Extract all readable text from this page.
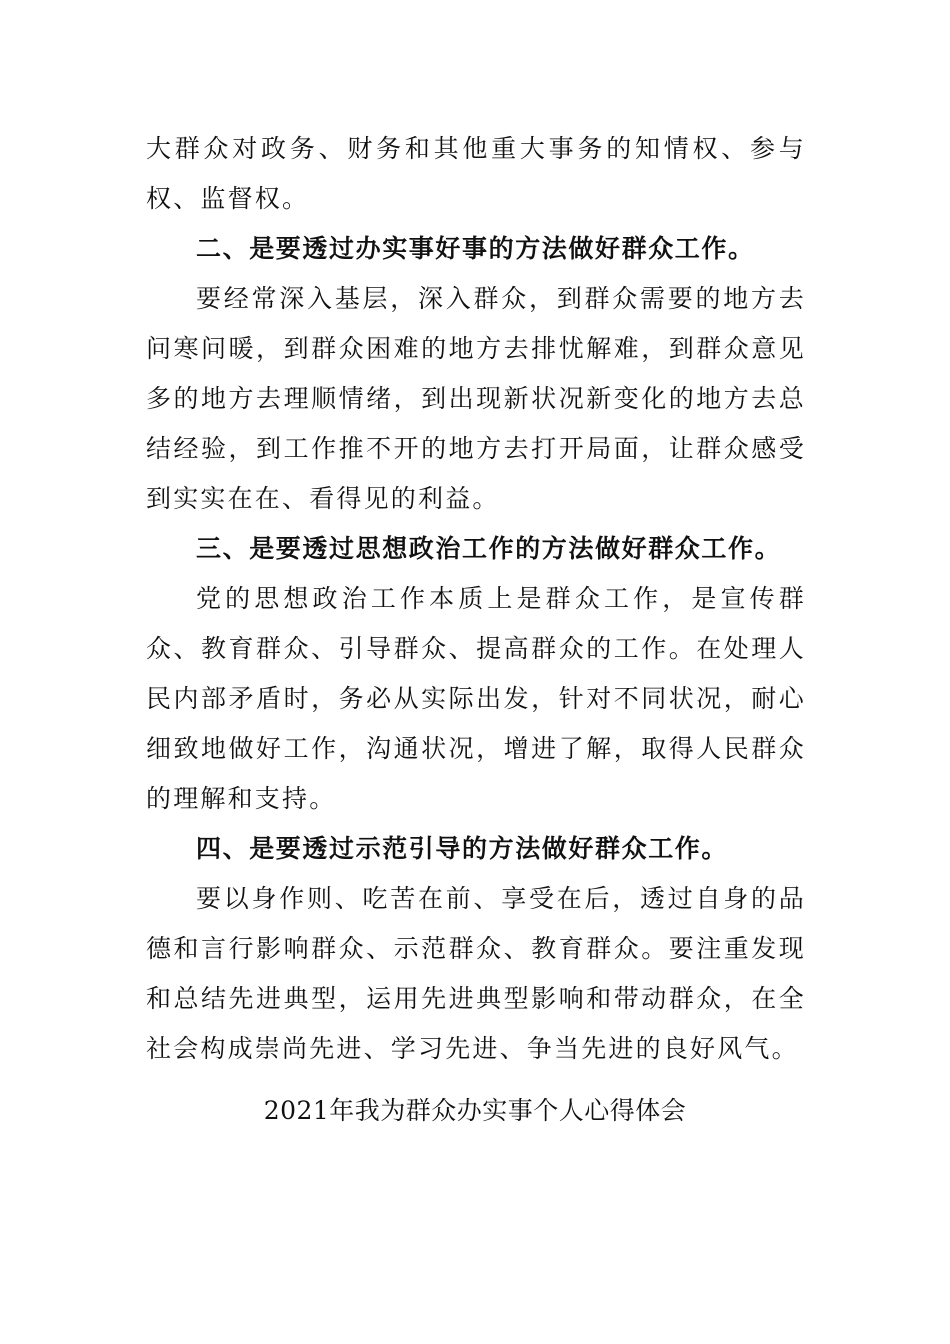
大群众对政务、财务和其他重大事务的知情权、参与权、监督权。

二、是要透过办实事好事的方法做好群众工作。

要经常深入基层，深入群众，到群众需要的地方去问寒问暖，到群众困难的地方去排忧解难，到群众意见多的地方去理顺情绪，到出现新状况新变化的地方去总结经验，到工作推不开的地方去打开局面，让群众感受到实实在在、看得见的利益。

三、是要透过思想政治工作的方法做好群众工作。

党的思想政治工作本质上是群众工作，是宣传群众、教育群众、引导群众、提高群众的工作。在处理人民内部矛盾时，务必从实际出发，针对不同状况，耐心细致地做好工作，沟通状况，增进了解，取得人民群众的理解和支持。

四、是要透过示范引导的方法做好群众工作。

要以身作则、吃苦在前、享受在后，透过自身的品德和言行影响群众、示范群众、教育群众。要注重发现和总结先进典型，运用先进典型影响和带动群众，在全社会构成崇尚先进、学习先进、争当先进的良好风气。

2021年我为群众办实事个人心得体会
